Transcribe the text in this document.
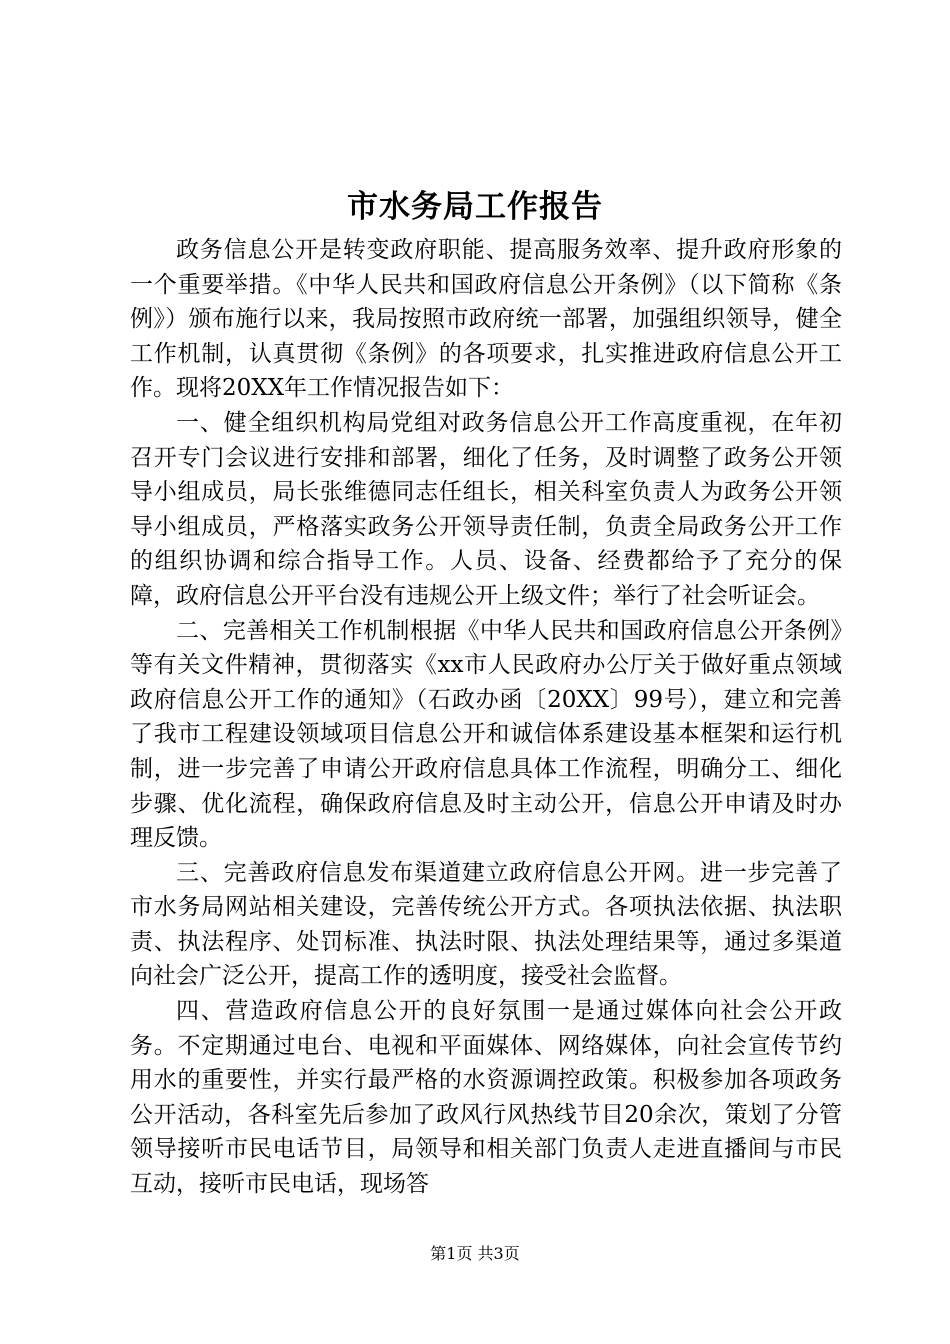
市水务局工作报告

政务信息公开是转变政府职能、提高服务效率、提升政府形象的一个重要举措。《中华人民共和国政府信息公开条例》（以下简称《条例》）颁布施行以来，我局按照市政府统一部署，加强组织领导，健全工作机制，认真贯彻《条例》的各项要求，扎实推进政府信息公开工作。现将20XX年工作情况报告如下：

一、健全组织机构局党组对政务信息公开工作高度重视，在年初召开专门会议进行安排和部署，细化了任务，及时调整了政务公开领导小组成员，局长张维德同志任组长，相关科室负责人为政务公开领导小组成员，严格落实政务公开领导责任制，负责全局政务公开工作的组织协调和综合指导工作。人员、设备、经费都给予了充分的保障，政府信息公开平台没有违规公开上级文件；举行了社会听证会。

二、完善相关工作机制根据《中华人民共和国政府信息公开条例》等有关文件精神，贯彻落实《xx市人民政府办公厅关于做好重点领域政府信息公开工作的通知》（石政办函〔20XX〕99号），建立和完善了我市工程建设领域项目信息公开和诚信体系建设基本框架和运行机制，进一步完善了申请公开政府信息具体工作流程，明确分工、细化步骤、优化流程，确保政府信息及时主动公开，信息公开申请及时办理反馈。

三、完善政府信息发布渠道建立政府信息公开网。进一步完善了市水务局网站相关建设，完善传统公开方式。各项执法依据、执法职责、执法程序、处罚标准、执法时限、执法处理结果等，通过多渠道向社会广泛公开，提高工作的透明度，接受社会监督。

四、营造政府信息公开的良好氛围一是通过媒体向社会公开政务。不定期通过电台、电视和平面媒体、网络媒体，向社会宣传节约用水的重要性，并实行最严格的水资源调控政策。积极参加各项政务公开活动，各科室先后参加了政风行风热线节目20余次，策划了分管领导接听市民电话节目，局领导和相关部门负责人走进直播间与市民互动，接听市民电话，现场答

第1页 共3页
